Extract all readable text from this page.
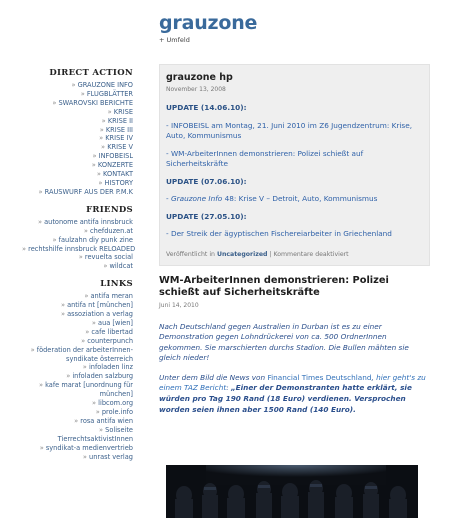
grauzone
+ Umfeld
DIRECT ACTION
» GRAUZONE INFO
» FLUGBLÄTTER
» SWAROVSKI BERICHTE
» KRISE
» KRISE II
» KRISE III
» KRISE IV
» KRISE V
» INFOBEISL
» KONZERTE
» KONTAKT
» HISTORY
» RAUSWURF AUS DER P.M.K
FRIENDS
» autonome antifa innsbruck
» chefduzen.at
» faulzahn diy punk zine
» rechtshilfe innsbruck RELOADED
» revuelta social
» wildcat
LINKS
» antifa meran
» antifa nt [münchen]
» assoziation a verlag
» aua [wien]
» cafe libertad
» counterpunch
» föderation der arbeiterInnen-syndikate österreich
» infoladen linz
» infoladen salzburg
» kafe marat [unordnung für münchen]
» libcom.org
» prole.info
» rosa antifa wien
» Soliseite TierrechtsaktivistInnen
» syndikat-a medienvertrieb
» unrast verlag
grauzone hp
November 13, 2008

UPDATE (14.06.10):

- INFOBEISL am Montag, 21. Juni 2010 im Z6 Jugendzentrum: Krise, Auto, Kommunismus

- WM-ArbeiterInnen demonstrieren: Polizei schießt auf Sicherheitskräfte

UPDATE (07.06.10):

- Grauzone Info 48: Krise V – Detroit, Auto, Kommunismus

UPDATE (27.05.10):

- Der Streik der ägyptischen Fischereiarbeiter in Griechenland

Veröffentlicht in Uncategorized | Kommentare deaktiviert
WM-ArbeiterInnen demonstrieren: Polizei schießt auf Sicherheitskräfte
Juni 14, 2010

Nach Deutschland gegen Australien in Durban ist es zu einer Demonstration gegen Lohndrückerei von ca. 500 OrdnerInnen gekommen. Sie marschierten durchs Stadion. Die Bullen mähten sie gleich nieder!

Unter dem Bild die News von Financial Times Deutschland, hier geht's zu einem TAZ Bericht: „Einer der Demonstranten hatte erklärt, sie würden pro Tag 190 Rand (18 Euro) verdienen. Versprochen worden seien ihnen aber 1500 Rand (140 Euro).
